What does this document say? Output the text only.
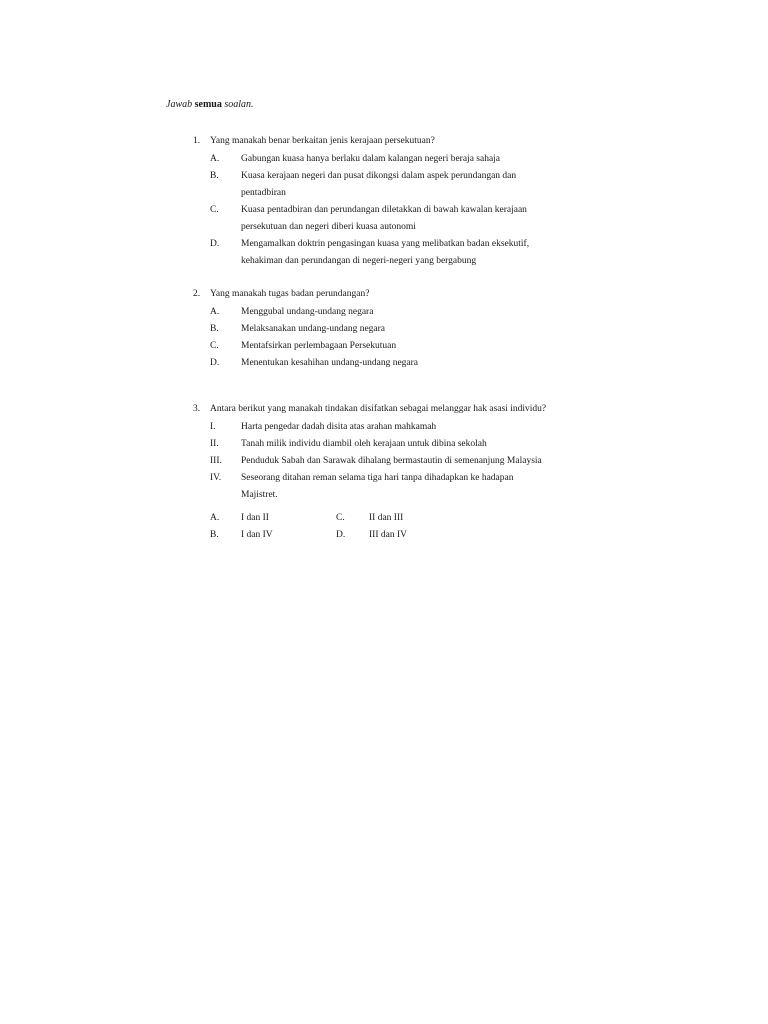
Jawab semua soalan.
1. Yang manakah benar berkaitan jenis kerajaan persekutuan?
A. Gabungan kuasa hanya berlaku dalam kalangan negeri beraja sahaja
B. Kuasa kerajaan negeri dan pusat dikongsi dalam aspek perundangan dan
pentadbiran
C. Kuasa pentadbiran dan perundangan diletakkan di bawah kawalan kerajaan
persekutuan dan negeri diberi kuasa autonomi
D. Mengamalkan doktrin pengasingan kuasa yang melibatkan badan eksekutif,
kehakiman dan perundangan di negeri-negeri yang bergabung
2. Yang manakah tugas badan perundangan?
A. Menggubal undang-undang negara
B. Melaksanakan undang-undang negara
C. Mentafsirkan perlembagaan Persekutuan
D. Menentukan kesahihan undang-undang negara
3. Antara berikut yang manakah tindakan disifatkan sebagai melanggar hak asasi individu?
I.	Harta pengedar dadah disita atas arahan mahkamah
II. Tanah milik individu diambil oleh kerajaan untuk dibina sekolah
III. Penduduk Sabah dan Sarawak dihalang bermastautin di semenanjung Malaysia
IV. Seseorang ditahan reman selama tiga hari tanpa dihadapkan ke hadapan
Majistret.
A. I dan II	C.	II dan III
B. I dan IV	D.	III dan IV
